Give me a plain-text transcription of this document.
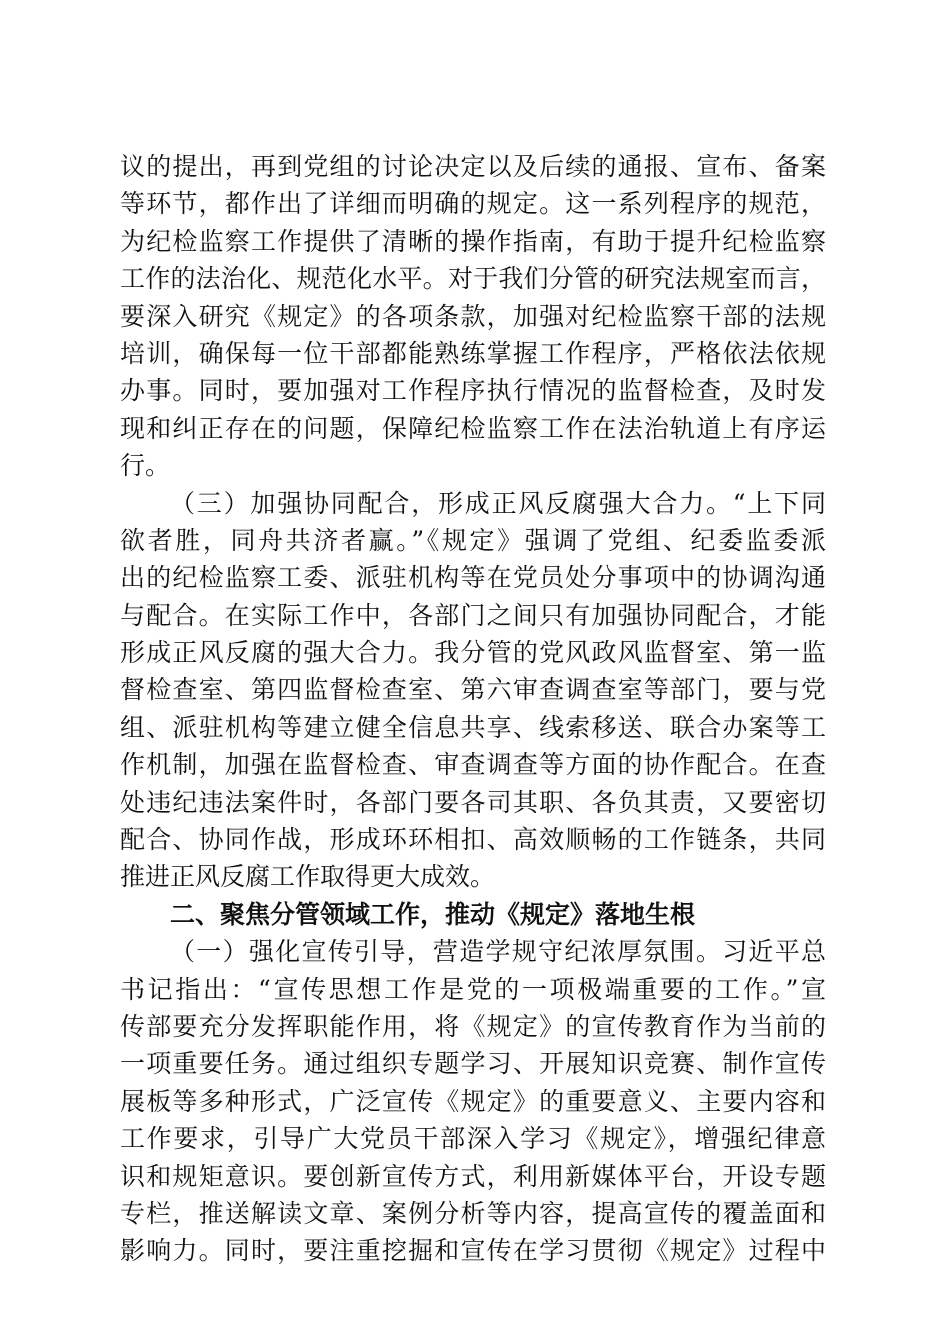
议的提出，再到党组的讨论决定以及后续的通报、宣布、备案
等环节，都作出了详细而明确的规定。这一系列程序的规范，
为纪检监察工作提供了清晰的操作指南，有助于提升纪检监察
工作的法治化、规范化水平。对于我们分管的研究法规室而言，
要深入研究《规定》的各项条款，加强对纪检监察干部的法规
培训，确保每一位干部都能熟练掌握工作程序，严格依法依规
办事。同时，要加强对工作程序执行情况的监督检查，及时发
现和纠正存在的问题，保障纪检监察工作在法治轨道上有序运
行。
（三）加强协同配合，形成正风反腐强大合力。“上下同
欲者胜，同舟共济者赢。”《规定》强调了党组、纪委监委派
出的纪检监察工委、派驻机构等在党员处分事项中的协调沟通
与配合。在实际工作中，各部门之间只有加强协同配合，才能
形成正风反腐的强大合力。我分管的党风政风监督室、第一监
督检查室、第四监督检查室、第六审查调查室等部门，要与党
组、派驻机构等建立健全信息共享、线索移送、联合办案等工
作机制，加强在监督检查、审查调查等方面的协作配合。在查
处违纪违法案件时，各部门要各司其职、各负其责，又要密切
配合、协同作战，形成环环相扣、高效顺畅的工作链条，共同
推进正风反腐工作取得更大成效。
二、聚焦分管领域工作，推动《规定》落地生根
（一）强化宣传引导，营造学规守纪浓厚氛围。习近平总
书记指出：“宣传思想工作是党的一项极端重要的工作。”宣
传部要充分发挥职能作用，将《规定》的宣传教育作为当前的
一项重要任务。通过组织专题学习、开展知识竞赛、制作宣传
展板等多种形式，广泛宣传《规定》的重要意义、主要内容和
工作要求，引导广大党员干部深入学习《规定》，增强纪律意
识和规矩意识。要创新宣传方式，利用新媒体平台，开设专题
专栏，推送解读文章、案例分析等内容，提高宣传的覆盖面和
影响力。同时，要注重挖掘和宣传在学习贯彻《规定》过程中
